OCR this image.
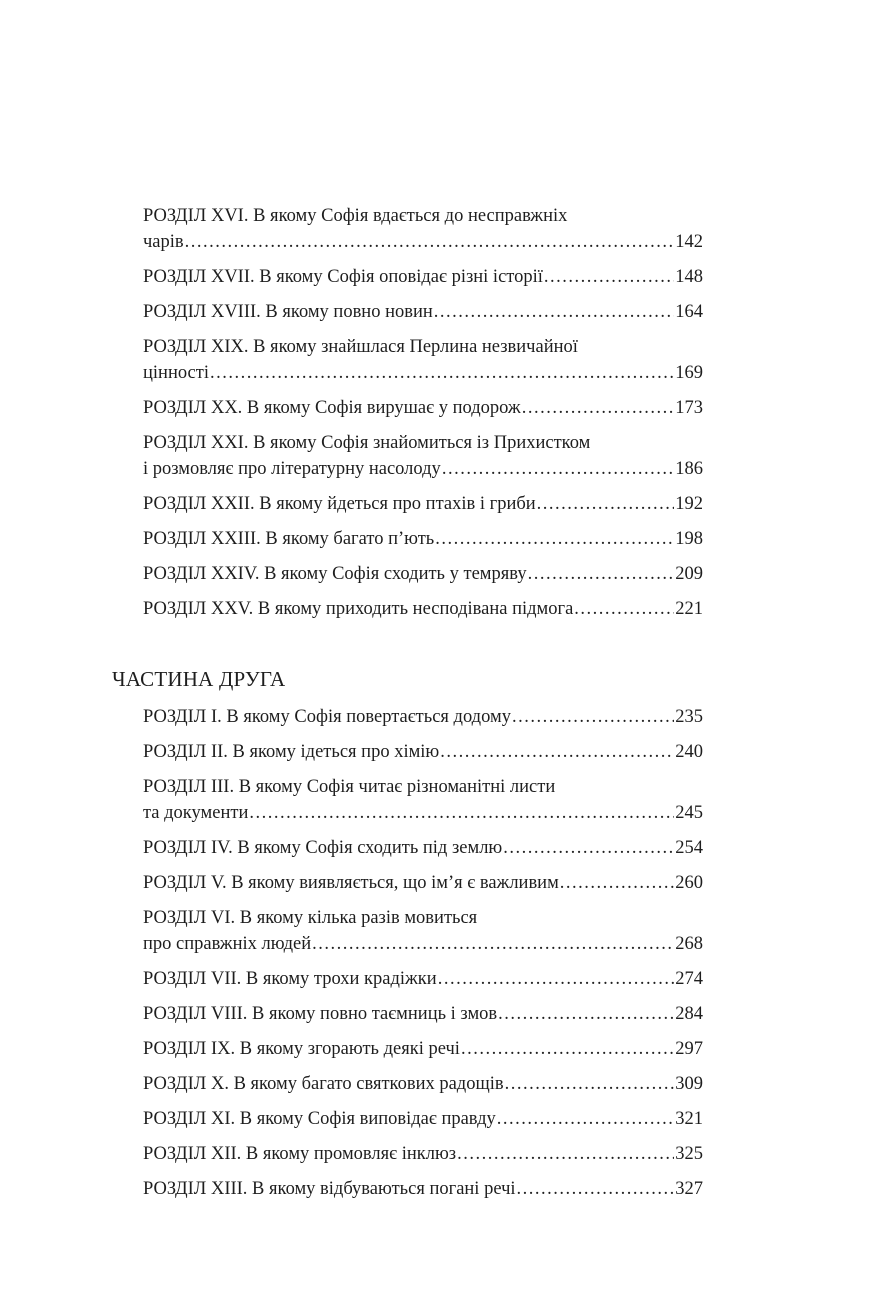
РОЗДІЛ XVI. В якому Софія вдається до несправжніх
чарів .....	142
РОЗДІЛ XVII. В якому Софія оповідає різні історії .....	148
РОЗДІЛ XVIII. В якому повно новин .....	164
РОЗДІЛ XIX. В якому знайшлася Перлина незвичайної
цінності .....	169
РОЗДІЛ XX. В якому Софія вирушає у подорож .....	173
РОЗДІЛ XXI. В якому Софія знайомиться із Прихистком
і розмовляє про літературну насолоду .....	186
РОЗДІЛ XXII. В якому йдеться про птахів і гриби .....	192
РОЗДІЛ XXIII. В якому багато п’ють .....	198
РОЗДІЛ XXIV. В якому Софія сходить у темряву .....	209
РОЗДІЛ XXV. В якому приходить несподівана підмога .....	221
ЧАСТИНА ДРУГА
РОЗДІЛ I. В якому Софія повертається додому .....	235
РОЗДІЛ II. В якому ідеться про хімію .....	240
РОЗДІЛ III. В якому Софія читає різноманітні листи
та документи .....	245
РОЗДІЛ IV. В якому Софія сходить під землю .....	254
РОЗДІЛ V. В якому виявляється, що ім’я є важливим .....	260
РОЗДІЛ VI. В якому кілька разів мовиться
про справжніх людей .....	268
РОЗДІЛ VII. В якому трохи крадіжки .....	274
РОЗДІЛ VIII. В якому повно таємниць і змов .....	284
РОЗДІЛ IX. В якому згорають деякі речі .....	297
РОЗДІЛ X. В якому багато святкових радощів .....	309
РОЗДІЛ XI. В якому Софія виповідає правду .....	321
РОЗДІЛ XII. В якому промовляє інклюз .....	325
РОЗДІЛ XIII. В якому відбуваються погані речі .....	327
